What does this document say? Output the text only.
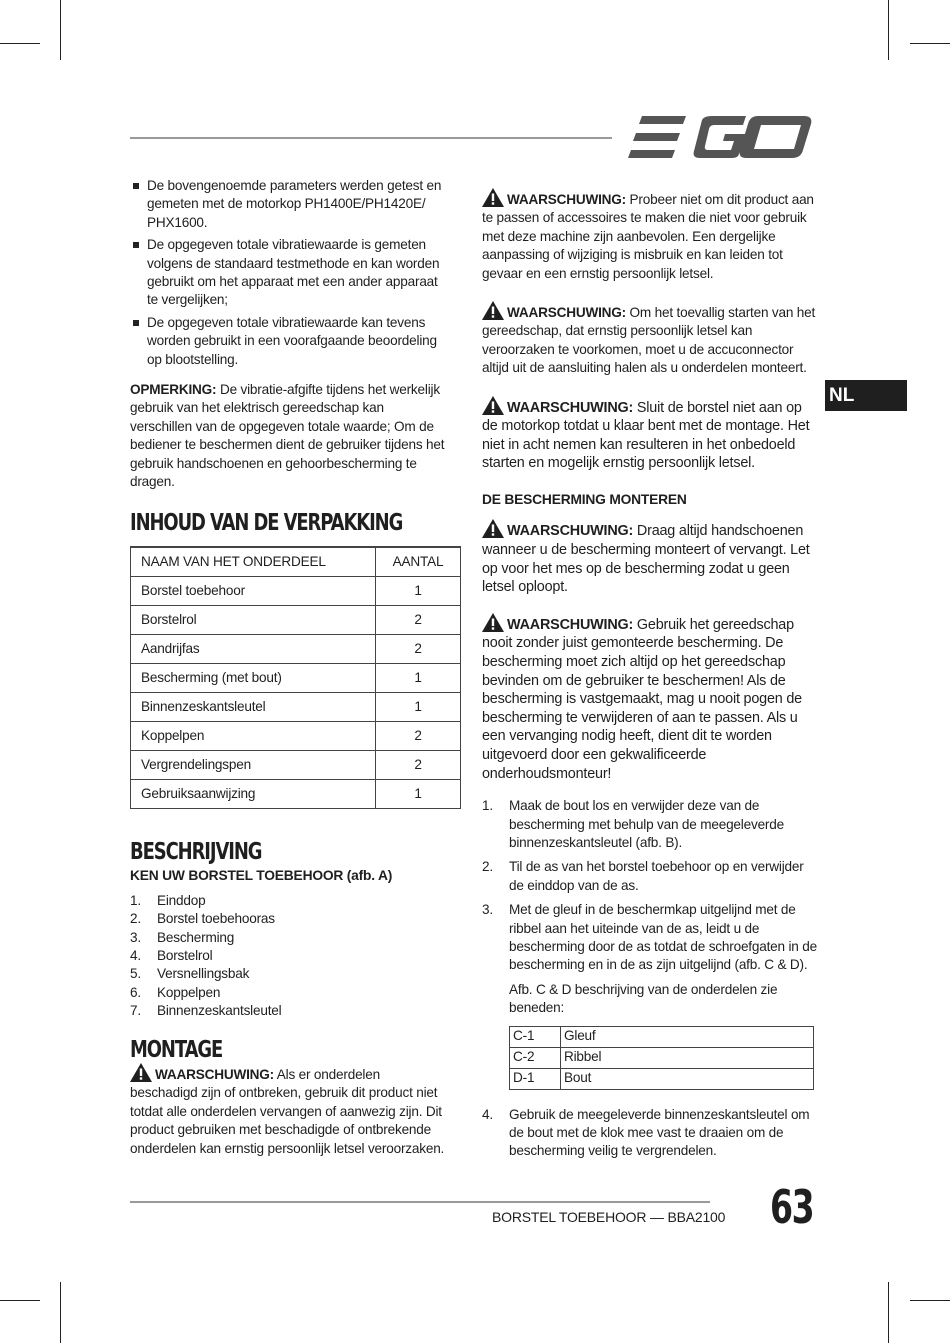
De bovengenoemde parameters werden getest en gemeten met de motorkop PH1400E/PH1420E/ PHX1600.
De opgegeven totale vibratiewaarde is gemeten volgens de standaard testmethode en kan worden gebruikt om het apparaat met een ander apparaat te vergelijken;
De opgegeven totale vibratiewaarde kan tevens worden gebruikt in een voorafgaande beoordeling op blootstelling.

OPMERKING: De vibratie-afgifte tijdens het werkelijk gebruik van het elektrisch gereedschap kan verschillen van de opgegeven totale waarde; Om de bediener te beschermen dient de gebruiker tijdens het gebruik handschoenen en gehoorbescherming te dragen.

INHOUD VAN DE VERPAKKING
NAAM VAN HET ONDERDEEL	AANTAL
Borstel toebehoor	1
Borstelrol	2
Aandrijfas	2
Bescherming (met bout)	1
Binnenzeskantsleutel	1
Koppelpen	2
Vergrendelingspen	2
Gebruiksaanwijzing	1
BESCHRIJVING

KEN UW BORSTEL TOEBEHOOR (afb. A)

1. Einddop
2. Borstel toebehooras
3. Bescherming
4. Borstelrol
5. Versnellingsbak
6. Koppelpen
7. Binnenzeskantsleutel
MONTAGE

WAARSCHUWING: Als er onderdelen beschadigd zijn of ontbreken, gebruik dit product niet totdat alle onderdelen vervangen of aanwezig zijn. Dit product gebruiken met beschadigde of ontbrekende onderdelen kan ernstig persoonlijk letsel veroorzaken.

WAARSCHUWING: Probeer niet om dit product aan te passen of accessoires te maken die niet voor gebruik met deze machine zijn aanbevolen. Een dergelijke aanpassing of wijziging is misbruik en kan leiden tot gevaar en een ernstig persoonlijk letsel.

WAARSCHUWING: Om het toevallig starten van het gereedschap, dat ernstig persoonlijk letsel kan veroorzaken te voorkomen, moet u de accuconnector altijd uit de aansluiting halen als u onderdelen monteert.

WAARSCHUWING: Sluit de borstel niet aan op de motorkop totdat u klaar bent met de montage. Het niet in acht nemen kan resulteren in het onbedoeld starten en mogelijk ernstig persoonlijk letsel.

DE BESCHERMING MONTEREN

WAARSCHUWING: Draag altijd handschoenen wanneer u de bescherming monteert of vervangt. Let op voor het mes op de bescherming zodat u geen letsel oploopt.

WAARSCHUWING: Gebruik het gereedschap nooit zonder juist gemonteerde bescherming. De bescherming moet zich altijd op het gereedschap bevinden om de gebruiker te beschermen! Als de bescherming is vastgemaakt, mag u nooit pogen de bescherming te verwijderen of aan te passen. Als u een vervanging nodig heeft, dient dit te worden uitgevoerd door een gekwalificeerde onderhoudsmonteur!

1. Maak de bout los en verwijder deze van de bescherming met behulp van de meegeleverde binnenzeskantsleutel (afb. B).
2. Til de as van het borstel toebehoor op en verwijder de einddop van de as.
3. Met de gleuf in de beschermkap uitgelijnd met de ribbel aan het uiteinde van de as, leidt u de bescherming door de as totdat de schroefgaten in de bescherming en in de as zijn uitgelijnd (afb. C & D).

Afb. C & D beschrijving van de onderdelen zie beneden:

C-1	Gleuf
C-2	Ribbel
D-1	Bout
4. Gebruik de meegeleverde binnenzeskantsleutel om de bout met de klok mee vast te draaien om de bescherming veilig te vergrendelen.
NL
BORSTEL TOEBEHOOR — BBA2100 63
